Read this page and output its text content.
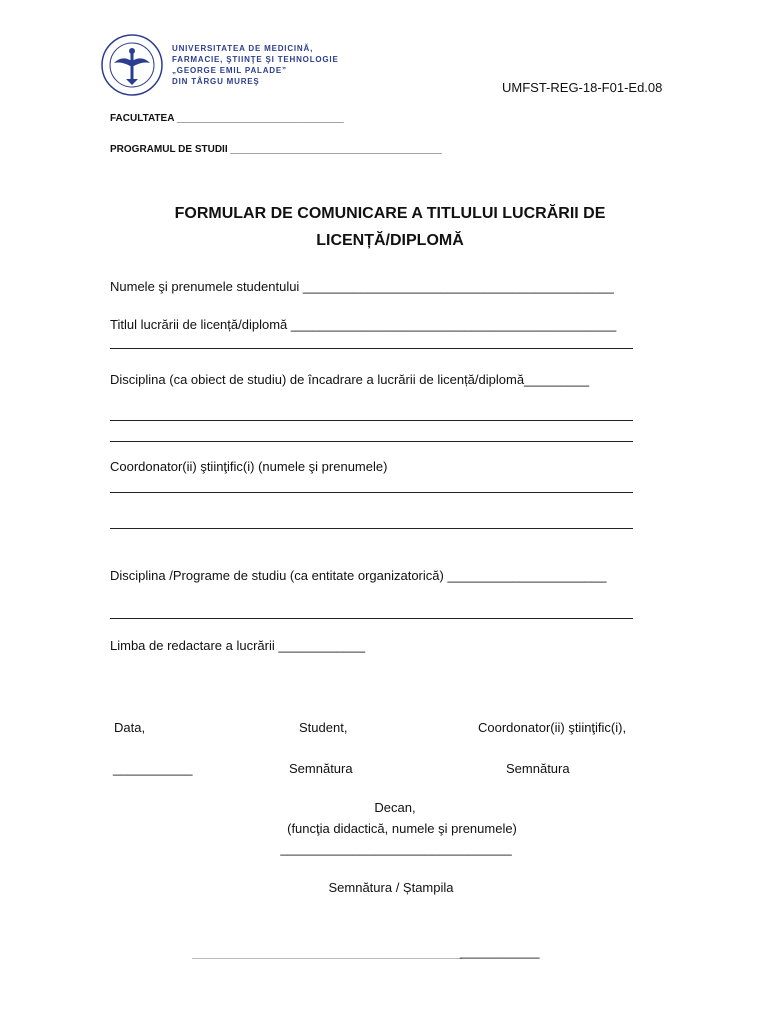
UNIVERSITATEA DE MEDICINĂ,
FARMACIE, ŞTIINŢE ŞI TEHNOLOGIE
„GEORGE EMIL PALADE”
DIN TÂRGU MUREŞ	UMFST-REG-18-F01-Ed.08
FACULTATEA ______________________________
PROGRAMUL DE STUDII ______________________________________
FORMULAR DE COMUNICARE A TITLULUI LUCRĂRII DE
LICENȚĂ/DIPLOMĂ
Numele şi prenumele studentului ___________________________________________
Titlul lucrării de licență/diplomă _____________________________________________
Disciplina (ca obiect de studiu) de încadrare a lucrării de licență/diplomă_________
Coordonator(ii) ştiinţific(i) (numele şi prenumele)
Disciplina /Programe de studiu (ca entitate organizatorică) ______________________
Limba de redactare a lucrării ____________
Data,	Student,	Coordonator(ii) ştiinţific(i),
___________	Semnătura	Semnătura
Decan,
(funcţia didactică, numele şi prenumele)
________________________________
Semnătura / Ștampila
___________
